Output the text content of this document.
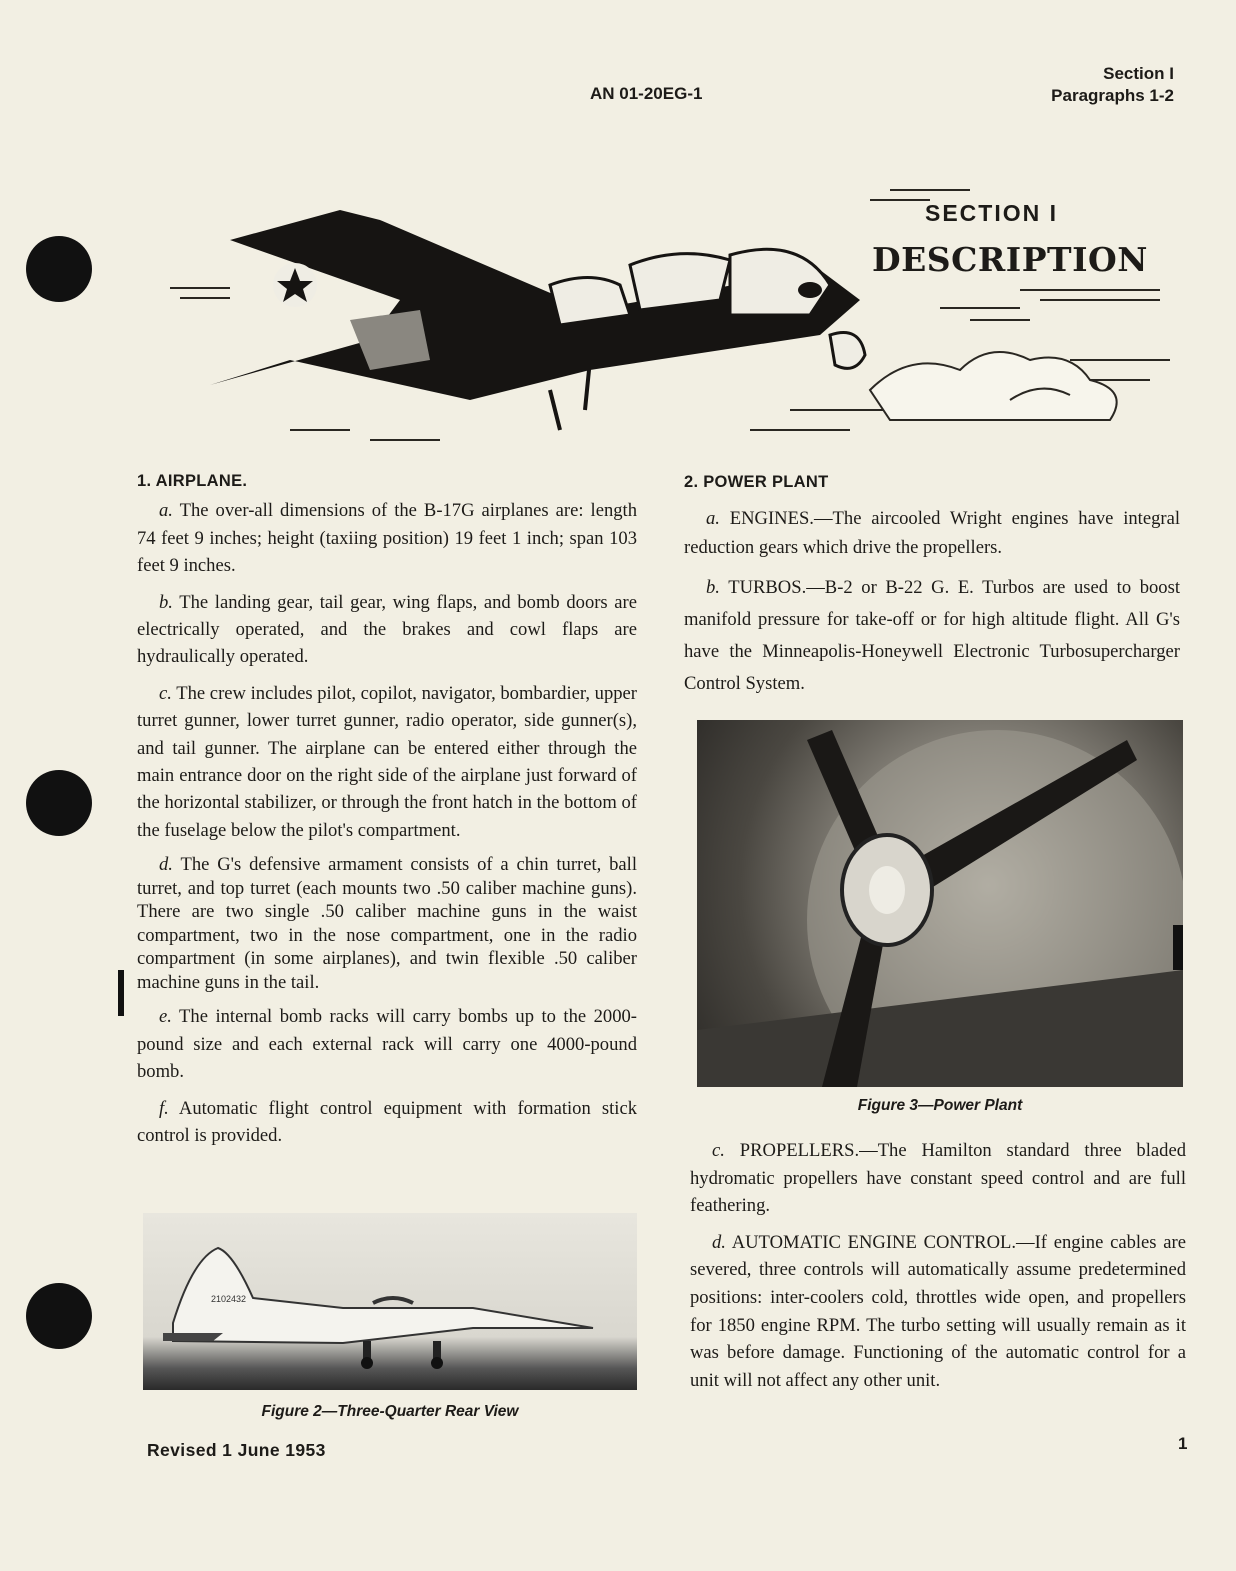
AN 01-20EG-1
Section I
Paragraphs 1-2
SECTION I
DESCRIPTION
1. AIRPLANE.

a. The over-all dimensions of the B-17G airplanes are: length 74 feet 9 inches; height (taxiing position) 19 feet 1 inch; span 103 feet 9 inches.

b. The landing gear, tail gear, wing flaps, and bomb doors are electrically operated, and the brakes and cowl flaps are hydraulically operated.

c. The crew includes pilot, copilot, navigator, bombardier, upper turret gunner, lower turret gunner, radio operator, side gunner(s), and tail gunner. The airplane can be entered either through the main entrance door on the right side of the airplane just forward of the horizontal stabilizer, or through the front hatch in the bottom of the fuselage below the pilot's compartment.

d. The G's defensive armament consists of a chin turret, ball turret, and top turret (each mounts two .50 caliber machine guns). There are two single .50 caliber machine guns in the waist compartment, two in the nose compartment, one in the radio compartment (in some airplanes), and twin flexible .50 caliber machine guns in the tail.

e. The internal bomb racks will carry bombs up to the 2000-pound size and each external rack will carry one 4000-pound bomb.

f. Automatic flight control equipment with formation stick control is provided.

2102432
Figure 2—Three-Quarter Rear View
2. POWER PLANT

a. ENGINES.—The aircooled Wright engines have integral reduction gears which drive the propellers.

b. TURBOS.—B-2 or B-22 G. E. Turbos are used to boost manifold pressure for take-off or for high altitude flight. All G's have the Minneapolis-Honeywell Electronic Turbosupercharger Control System.

Figure 3—Power Plant

c. PROPELLERS.—The Hamilton standard three bladed hydromatic propellers have constant speed control and are full feathering.

d. AUTOMATIC ENGINE CONTROL.—If engine cables are severed, three controls will automatically assume predetermined positions: inter-coolers cold, throttles wide open, and propellers for 1850 engine RPM. The turbo setting will usually remain as it was before damage. Functioning of the automatic control for a unit will not affect any other unit.

Revised 1 June 1953	1
